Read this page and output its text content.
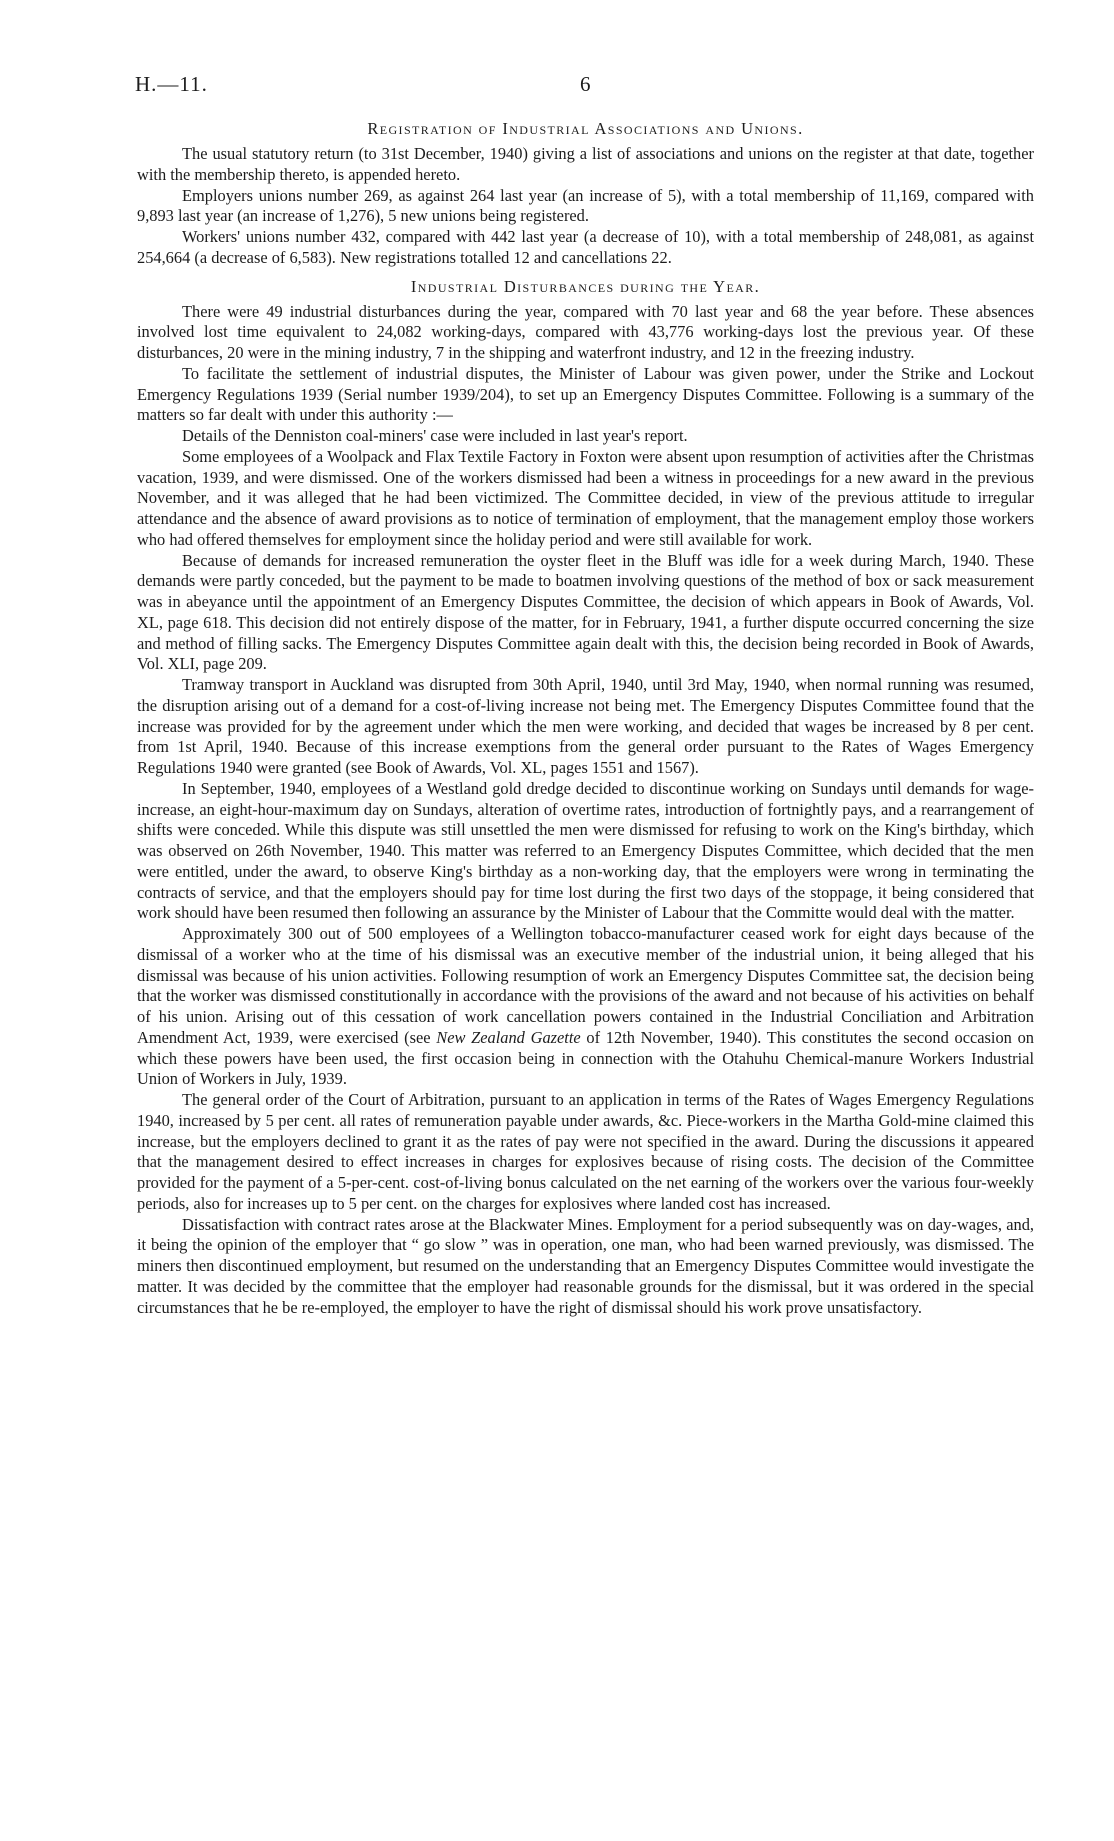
H.—11.	6
Registration of Industrial Associations and Unions.

The usual statutory return (to 31st December, 1940) giving a list of associations and unions on the register at that date, together with the membership thereto, is appended hereto.

Employers unions number 269, as against 264 last year (an increase of 5), with a total membership of 11,169, compared with 9,893 last year (an increase of 1,276), 5 new unions being registered.

Workers' unions number 432, compared with 442 last year (a decrease of 10), with a total membership of 248,081, as against 254,664 (a decrease of 6,583). New registrations totalled 12 and cancellations 22.

Industrial Disturbances during the Year.

There were 49 industrial disturbances during the year, compared with 70 last year and 68 the year before. These absences involved lost time equivalent to 24,082 working-days, compared with 43,776 working-days lost the previous year. Of these disturbances, 20 were in the mining industry, 7 in the shipping and waterfront industry, and 12 in the freezing industry.

To facilitate the settlement of industrial disputes, the Minister of Labour was given power, under the Strike and Lockout Emergency Regulations 1939 (Serial number 1939/204), to set up an Emergency Disputes Committee. Following is a summary of the matters so far dealt with under this authority :—

Details of the Denniston coal-miners' case were included in last year's report.

Some employees of a Woolpack and Flax Textile Factory in Foxton were absent upon resumption of activities after the Christmas vacation, 1939, and were dismissed. One of the workers dismissed had been a witness in proceedings for a new award in the previous November, and it was alleged that he had been victimized. The Committee decided, in view of the previous attitude to irregular attendance and the absence of award provisions as to notice of termination of employment, that the management employ those workers who had offered themselves for employment since the holiday period and were still available for work.

Because of demands for increased remuneration the oyster fleet in the Bluff was idle for a week during March, 1940. These demands were partly conceded, but the payment to be made to boatmen involving questions of the method of box or sack measurement was in abeyance until the appointment of an Emergency Disputes Committee, the decision of which appears in Book of Awards, Vol. XL, page 618. This decision did not entirely dispose of the matter, for in February, 1941, a further dispute occurred concerning the size and method of filling sacks. The Emergency Disputes Committee again dealt with this, the decision being recorded in Book of Awards, Vol. XLI, page 209.

Tramway transport in Auckland was disrupted from 30th April, 1940, until 3rd May, 1940, when normal running was resumed, the disruption arising out of a demand for a cost-of-living increase not being met. The Emergency Disputes Committee found that the increase was provided for by the agreement under which the men were working, and decided that wages be increased by 8 per cent. from 1st April, 1940. Because of this increase exemptions from the general order pursuant to the Rates of Wages Emergency Regulations 1940 were granted (see Book of Awards, Vol. XL, pages 1551 and 1567).

In September, 1940, employees of a Westland gold dredge decided to discontinue working on Sundays until demands for wage-increase, an eight-hour-maximum day on Sundays, alteration of overtime rates, introduction of fortnightly pays, and a rearrangement of shifts were conceded. While this dispute was still unsettled the men were dismissed for refusing to work on the King's birthday, which was observed on 26th November, 1940. This matter was referred to an Emergency Disputes Committee, which decided that the men were entitled, under the award, to observe King's birthday as a non-working day, that the employers were wrong in terminating the contracts of service, and that the employers should pay for time lost during the first two days of the stoppage, it being considered that work should have been resumed then following an assurance by the Minister of Labour that the Committe would deal with the matter.

Approximately 300 out of 500 employees of a Wellington tobacco-manufacturer ceased work for eight days because of the dismissal of a worker who at the time of his dismissal was an executive member of the industrial union, it being alleged that his dismissal was because of his union activities. Following resumption of work an Emergency Disputes Committee sat, the decision being that the worker was dismissed constitutionally in accordance with the provisions of the award and not because of his activities on behalf of his union. Arising out of this cessation of work cancellation powers contained in the Industrial Conciliation and Arbitration Amendment Act, 1939, were exercised (see New Zealand Gazette of 12th November, 1940). This constitutes the second occasion on which these powers have been used, the first occasion being in connection with the Otahuhu Chemical-manure Workers Industrial Union of Workers in July, 1939.

The general order of the Court of Arbitration, pursuant to an application in terms of the Rates of Wages Emergency Regulations 1940, increased by 5 per cent. all rates of remuneration payable under awards, &c. Piece-workers in the Martha Gold-mine claimed this increase, but the employers declined to grant it as the rates of pay were not specified in the award. During the discussions it appeared that the management desired to effect increases in charges for explosives because of rising costs. The decision of the Committee provided for the payment of a 5-per-cent. cost-of-living bonus calculated on the net earning of the workers over the various four-weekly periods, also for increases up to 5 per cent. on the charges for explosives where landed cost has increased.

Dissatisfaction with contract rates arose at the Blackwater Mines. Employment for a period subsequently was on day-wages, and, it being the opinion of the employer that “ go slow ” was in operation, one man, who had been warned previously, was dismissed. The miners then discontinued employment, but resumed on the understanding that an Emergency Disputes Committee would investigate the matter. It was decided by the committee that the employer had reasonable grounds for the dismissal, but it was ordered in the special circumstances that he be re-employed, the employer to have the right of dismissal should his work prove unsatisfactory.
